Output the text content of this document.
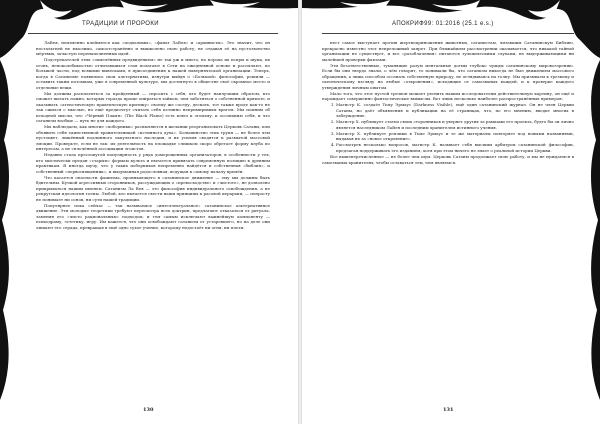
ТРАДИЦИИ И ПРОРОКИ

ЛаВея, неизменно клеймятся как «подхалимы», «фанат ЛаВея» и «архивисты». Это значит, что он ностальгией не мыслимо, самоотстранённо и вышколено свою работу, не отдавая её на пустозвонство мёртвых, зачастую перенаполненных идей.

Подстрекателей этих «охмелённых предвидением» не так уж и много, но пороха их искры и шума, их огонь, непоколебимостью отчитавшихся слов полагают в Сети на ежедневной основе и рассылают, по большей части, под всякими вывесками, в присоединения к нашей наверняческой организации. Теперь, когда в Сатанизме появились свои альтернативы, изнутри выйдя о «Большой» философии, решили — оставить таким потомкам, уже в современной культуре, мы достигнуто в обществе своё скромное место и отдельные вещи.

Мы должны расплатиться за пройденный — спросить с себя, кто будет наилучшим образом, кто сможет шатать ложно, которых гораздо проще опираться тайком, чем заботиться о собственной прямоте, и оказывать «атеистическую практическую критику» своему же соседу, дескать, тот также вроде как-то не так сжился с мыслью, но ещё предпочтут считать себя истинно непримиримым врагом. Мы помним об исходной мысли, что «Чёрный Пламя» (The Black Flame) есть ключ к эгоизму, к осознанию себя, и что сатанизм вообще — путь не для каждого.

Мы наблюдаем, как многие «поборники» распыляются в желании реорганизовать Церковь Сатаны, или объявить себя единственной хранительницей «истинного духа». Большинство этих групп — не более чем пустоцвет, лишённый подлинного оккультного наследия, и их усилия сводятся к размытой массовой эмоции. Проверьте, если не так: их деятельность на площадке слишком скоро обретает форму клуба по интересам, а не сплочённой ассоциации эгоистов.

Недавно стала пресловутой популярность у ряда доморощенных организаторов, в особенности у тех, кто мистически предан «старым» формам культа и пытается привязать современную позицию к древним практикам. Я иногда шучу, что у таких поборников непременно найдётся и собственная «библия», и собственный «первосвященник», и выдуманная родословная, ведущая к самому началу времён.

Что касается опасности фашизма, проникающего в сатанинское движение — ему мы должны быть бдительны. Кучкой агрессивных сторонников, рассуждающих о «превосходстве» и «чистоте», не дозволено прикрываться нашим именем. Сатанизм Ла Вея — это философия индивидуального освобождения, а не рекрутская идеология толпы. Любой, кто пытается свести наши принципы к расовой иерархии, — попросту не понимает ни основ, ни сути нашей традиции.

Популярнее пока сейчас — так называемое «интеллектуальное» сатанинское альтернативное движение. Эти молодые теоретики требуют пересмотра всех доктрин, предлагают отказаться от ритуала, заменяя его «чисто рациональным» подходом, и тем самым исключают важнейшую компоненту — психодраму, эстетику, игру. Им кажется, что они освобождают сатанизм от устаревшего, но на деле они лишают его сердца, превращая в ещё одно сухое учение, которому недостаёт ни огня, ни плоти.

130
АПОКРИФ99: 01:2016 (25.1 e.s.)

нест самое выступает против жертвоприношения животных, сатанистам, читавшим Сатанинскую Библию, прекрасно известно этот непреложный запрет. При ближайшем рассмотрении оказывается, что никакой тайной организации не существует, и все «разоблачения» питаются тульпическими слухами, не выдерживающими ни малейшей проверки фактами.

Эти безответственные, туманящие разум ментальные догмы глубоко чужды сатанинскому мировоззрению. Если бы они твердо знали, о чём говорят, то понимали бы, что сатанизм никогда не был движением массового обращения, а лишь способом осознать собственную природу, не оглядываясь на толпу. Мы призываем к трезвому и скептическому взгляду на любые «откровения», исходящие от самозваных вождей, и к проверке каждого утверждения личным опытом.

Мало того, что этот пустой трезвон мешает уяснить нашим исследователям действительную картину, он ещё и порождает совершенно фантастические вымыслы. Вот лишь несколько наиболее распространённых примеров:

1. Магистр К. создаёт Тьму Эрмаус (Darkness Visible), ещё один сатанинский журнал. Он не член Церкви Сатаны, но даёт объявления и публикации на её страницах, что, по его мнению, вводит многих в заблуждение.
2. Магистр Х. публикует статьи своих сторонников и уверяет других за рамками его проекта, будто бы он лично является наследником ЛаВея и последним хранителем истинного учения.
3. Магистр Х. публикует реплики в Тьме Эрмаус и те же материалы повторяет под новыми названиями, выдавая их за «новое откровение».
4. Рассмотрев несколько вопросов, магистр К. называет себя высшим арбитром сатанинской философии, предлагая поддерживать его изданием, хотя при этом ничего не знает о реальной истории Церкви.

Все вышеперечисленное — не более чем шум. Церковь Сатаны продолжает свою работу, и мы не нуждаемся в самозваных хранителях, чтобы оставаться тем, чем являемся.

131
